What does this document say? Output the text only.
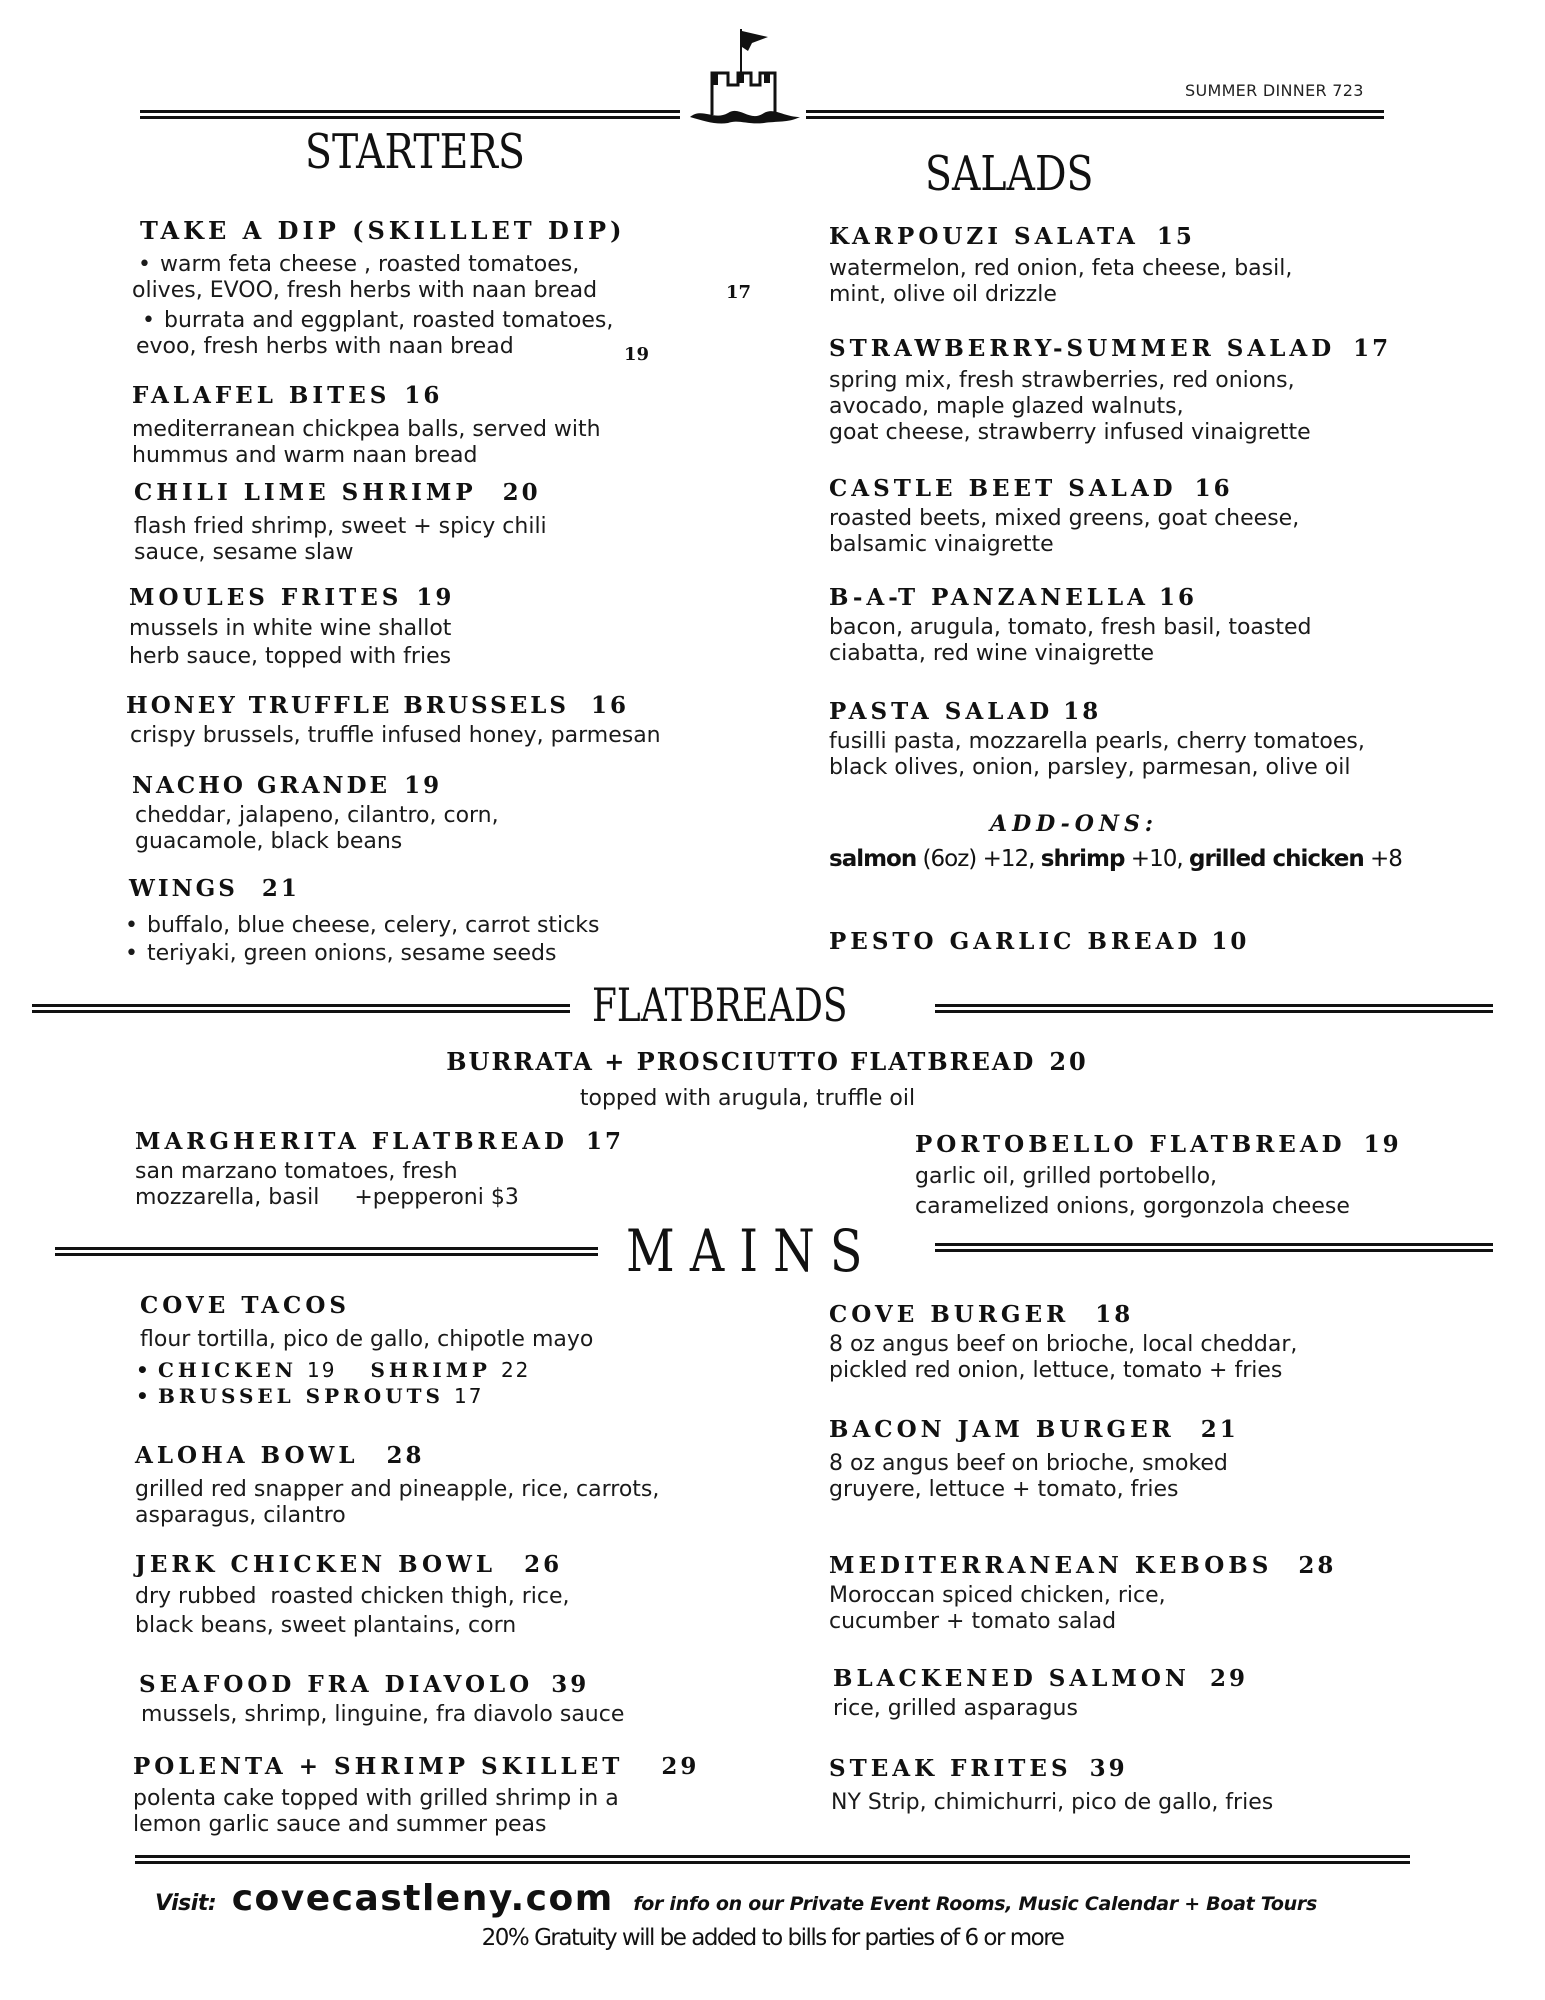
SUMMER DINNER 723
STARTERS
TAKE A DIP (SKILLLET DIP)
• warm feta cheese , roasted tomatoes,
olives, EVOO, fresh herbs with naan bread	17
• burrata and eggplant, roasted tomatoes,
evoo, fresh herbs with naan bread	19
FALAFEL BITES 16
mediterranean chickpea balls, served with
hummus and warm naan bread
CHILI LIME SHRIMP 20
flash fried shrimp, sweet + spicy chili
sauce, sesame slaw
MOULES FRITES 19
mussels in white wine shallot
herb sauce, topped with fries
HONEY TRUFFLE BRUSSELS 16
crispy brussels, truffle infused honey, parmesan
NACHO GRANDE 19
cheddar, jalapeno, cilantro, corn,
guacamole, black beans
WINGS 21
• buffalo, blue cheese, celery, carrot sticks
• teriyaki, green onions, sesame seeds
SALADS
KARPOUZI SALATA 15
watermelon, red onion, feta cheese, basil,
mint, olive oil drizzle
STRAWBERRY-SUMMER SALAD 17
spring mix, fresh strawberries, red onions,
avocado, maple glazed walnuts,
goat cheese, strawberry infused vinaigrette
CASTLE BEET SALAD 16
roasted beets, mixed greens, goat cheese,
balsamic vinaigrette
B-A-T PANZANELLA 16
bacon, arugula, tomato, fresh basil, toasted
ciabatta, red wine vinaigrette
PASTA SALAD 18
fusilli pasta, mozzarella pearls, cherry tomatoes,
black olives, onion, parsley, parmesan, olive oil
ADD-ONS:
salmon (6oz) +12, shrimp +10, grilled chicken +8
PESTO GARLIC BREAD 10
FLATBREADS
BURRATA + PROSCIUTTO FLATBREAD 20
topped with arugula, truffle oil
MARGHERITA FLATBREAD 17
san marzano tomatoes, fresh
mozzarella, basil     +pepperoni $3
PORTOBELLO FLATBREAD 19
garlic oil, grilled portobello,
caramelized onions, gorgonzola cheese
M A I N S
COVE TACOS
flour tortilla, pico de gallo, chipotle mayo
• CHICKEN 19 SHRIMP 22
• BRUSSEL SPROUTS 17
ALOHA BOWL 28
grilled red snapper and pineapple, rice, carrots,
asparagus, cilantro
JERK CHICKEN BOWL 26
dry rubbed  roasted chicken thigh, rice,
black beans, sweet plantains, corn
SEAFOOD FRA DIAVOLO 39
mussels, shrimp, linguine, fra diavolo sauce
POLENTA + SHRIMP SKILLET 29
polenta cake topped with grilled shrimp in a
lemon garlic sauce and summer peas
COVE BURGER 18
8 oz angus beef on brioche, local cheddar,
pickled red onion, lettuce, tomato + fries
BACON JAM BURGER 21
8 oz angus beef on brioche, smoked
gruyere, lettuce + tomato, fries
MEDITERRANEAN KEBOBS 28
Moroccan spiced chicken, rice,
cucumber + tomato salad
BLACKENED SALMON 29
rice, grilled asparagus
STEAK FRITES 39
NY Strip, chimichurri, pico de gallo, fries
Visit: covecastleny.com for info on our Private Event Rooms, Music Calendar + Boat Tours
20% Gratuity will be added to bills for parties of 6 or more
